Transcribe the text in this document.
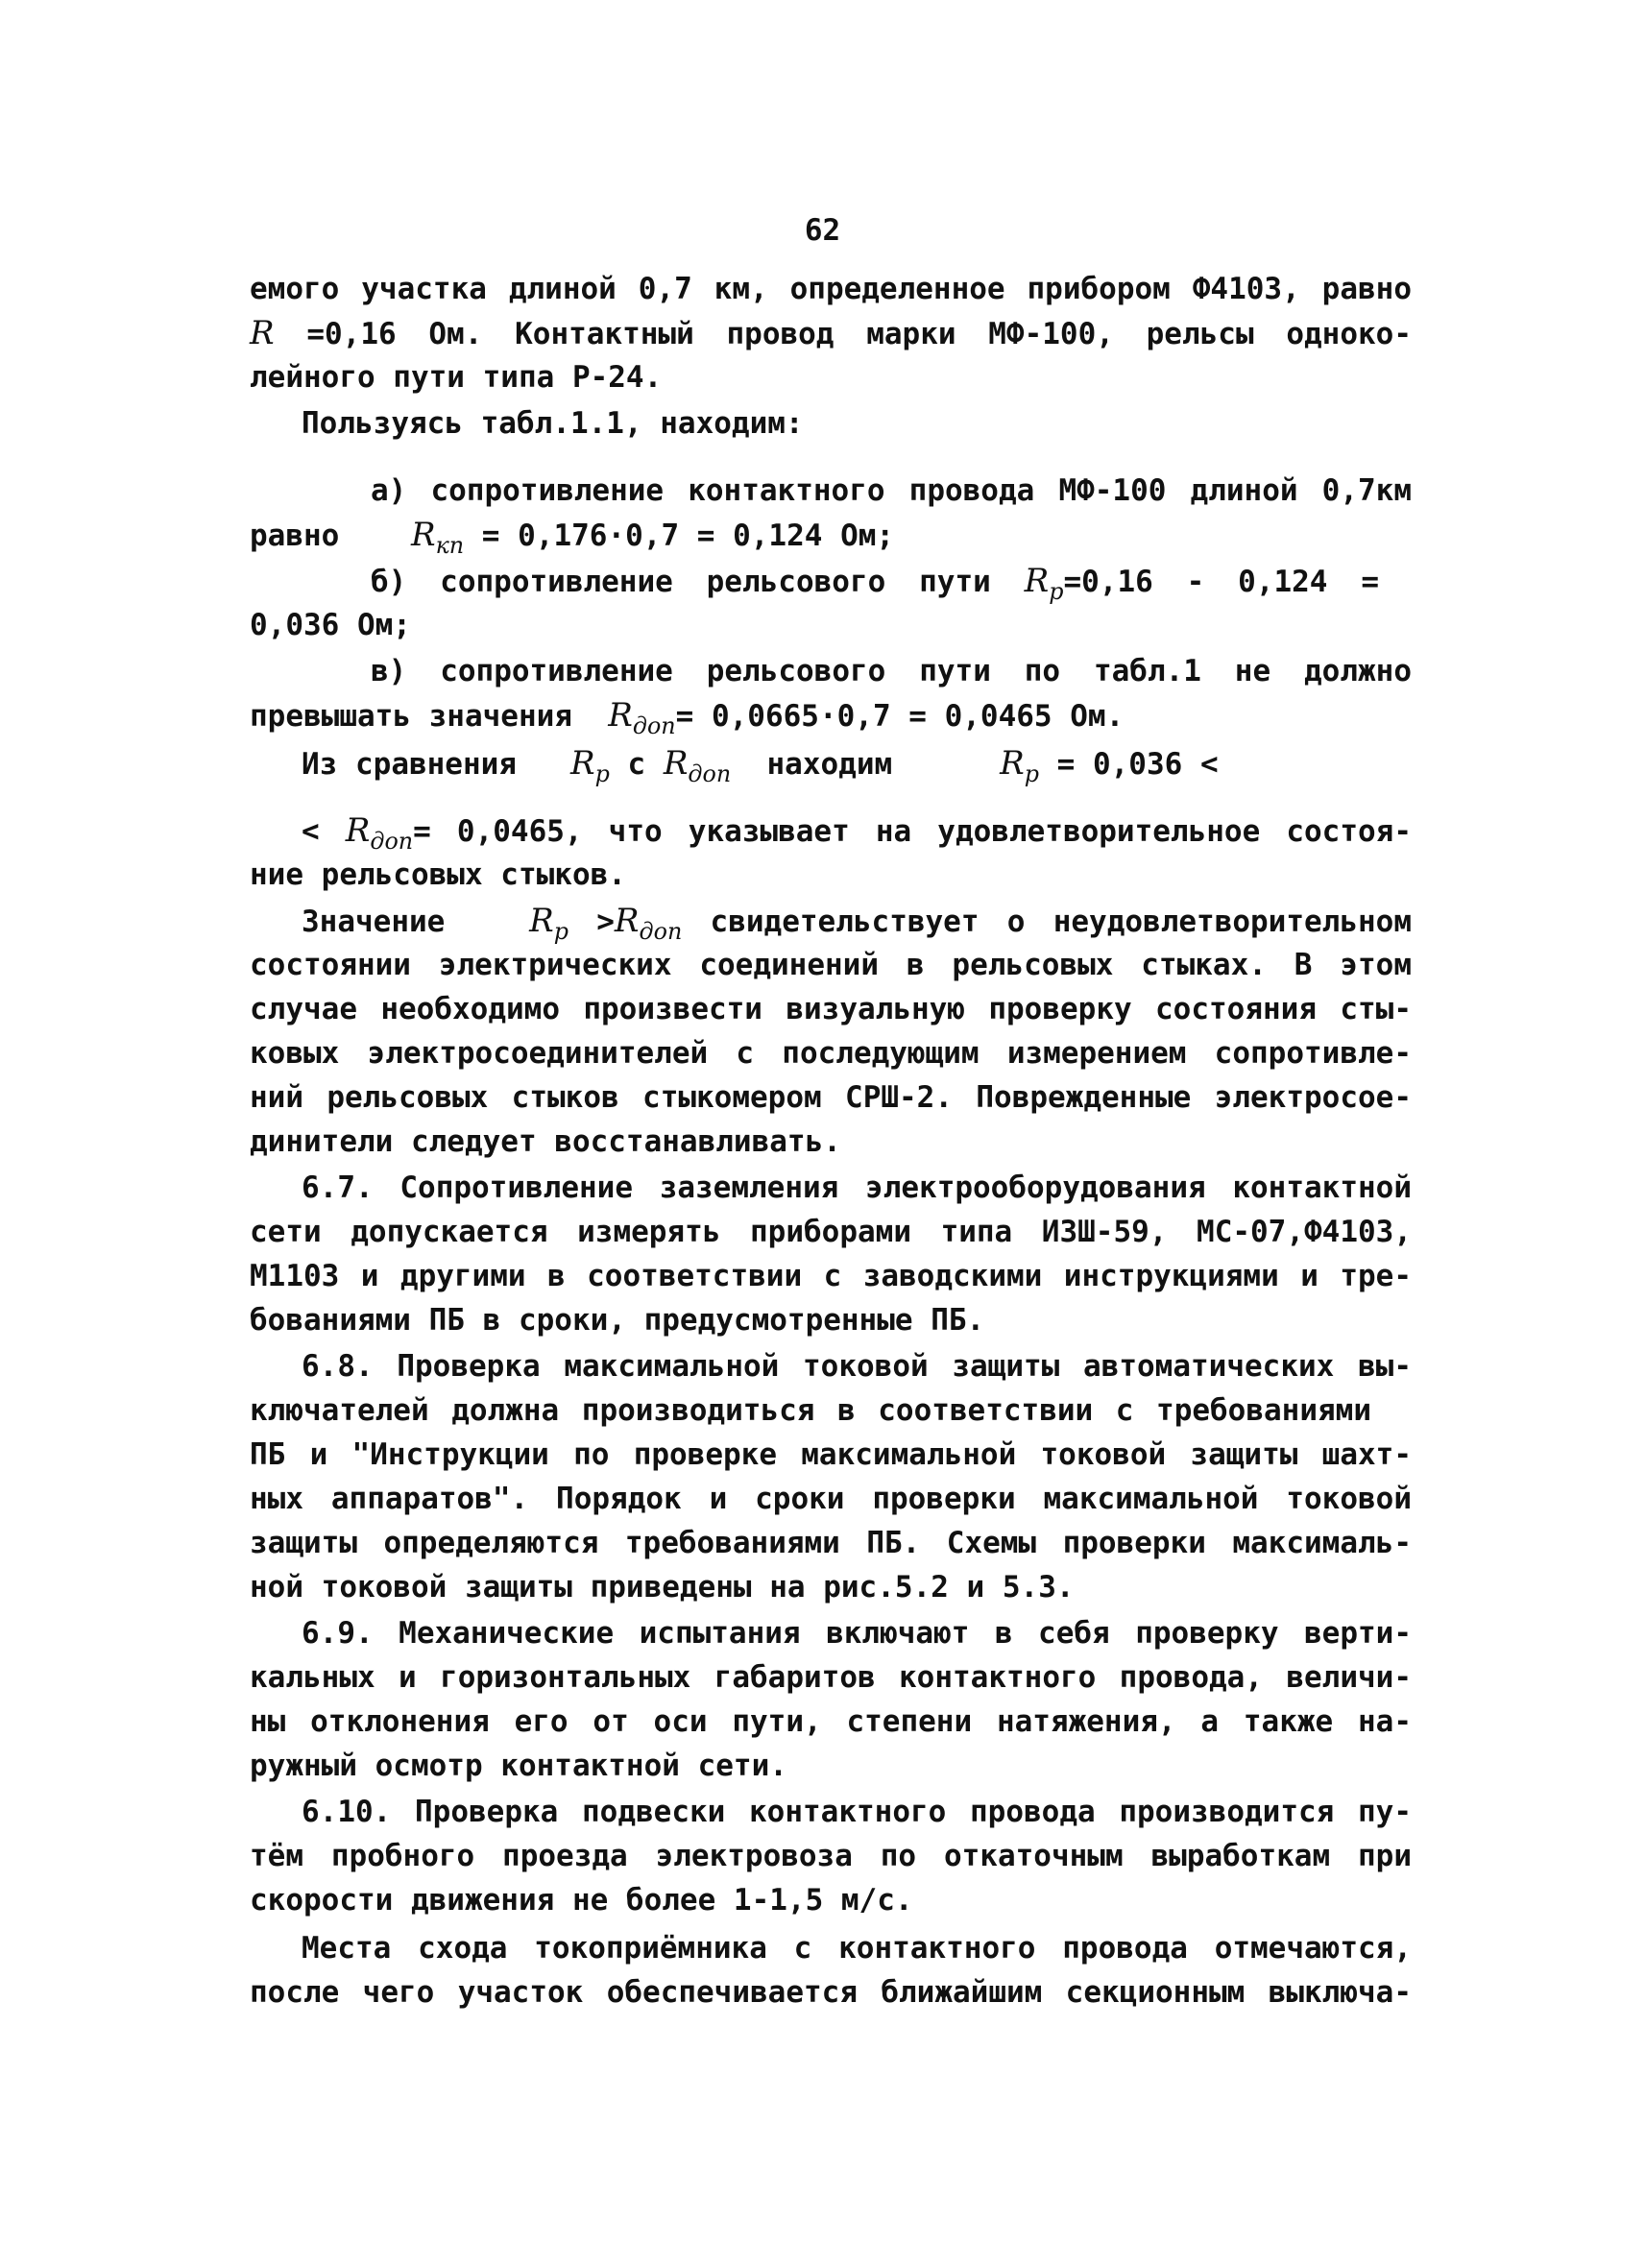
62
емого участка длиной 0,7 км, определенное прибором Ф4103, равно
R =0,16 Ом. Контактный провод марки МФ-100, рельсы одноко-
лейного пути типа Р-24.
Пользуясь табл.1.1, находим:
а) сопротивление контактного провода МФ-100 длиной 0,7км
равно    $R_{кп} = 0,176\cdot 0,7 = 0,124$ Ом;
б) сопротивление рельсового пути $R_р=0,16 - 0,124$ =
0,036 Ом;
в) сопротивление рельсового пути по табл.1 не должно
превышать значения  $R_{доп}= 0,0665\cdot 0,7 = 0,0465$ Ом.
Из сравнения   $R_р$ с $R_{доп}$  находим      $R_р = 0,036$ <
< $R_{доп}= 0,0465$, что указывает на удовлетворительное состоя-
ние рельсовых стыков.
Значение   $R_р >R_{доп}$ свидетельствует о неудовлетворительном
состоянии электрических соединений в рельсовых стыках. В этом
случае необходимо произвести визуальную проверку состояния сты-
ковых электросоединителей с последующим измерением сопротивле-
ний рельсовых стыков стыкомером СРШ-2. Поврежденные электросое-
динители следует восстанавливать.
6.7. Сопротивление заземления электрооборудования контактной
сети допускается измерять приборами типа ИЗШ-59, МС-07,Ф4103,
М1103 и другими в соответствии с заводскими инструкциями и тре-
бованиями ПБ в сроки, предусмотренные ПБ.
6.8. Проверка максимальной токовой защиты автоматических вы-
ключателей должна производиться в соответствии с требованиями
ПБ и "Инструкции по проверке максимальной токовой защиты шахт-
ных аппаратов". Порядок и сроки проверки максимальной токовой
защиты определяются требованиями ПБ. Схемы проверки максималь-
ной токовой защиты приведены на рис.5.2 и 5.3.
6.9. Механические испытания включают в себя проверку верти-
кальных и горизонтальных габаритов контактного провода, величи-
ны отклонения его от оси пути, степени натяжения, а также на-
ружный осмотр контактной сети.
6.10. Проверка подвески контактного провода производится пу-
тём пробного проезда электровоза по откаточным выработкам при
скорости движения не более 1-1,5 м/с.
Места схода токоприёмника с контактного провода отмечаются,
после чего участок обеспечивается ближайшим секционным выключа-
